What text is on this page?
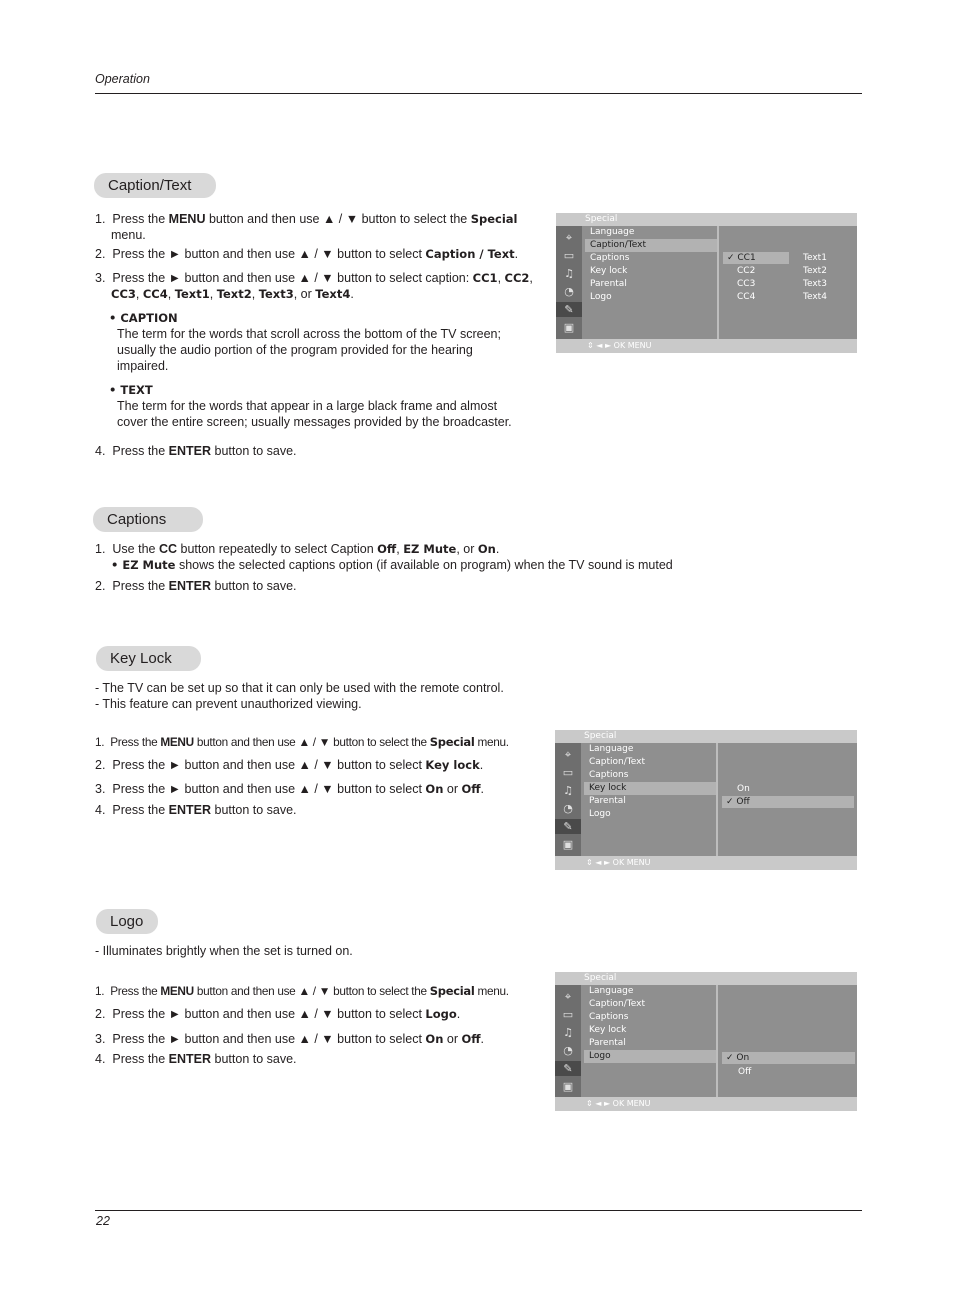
Operation
Caption/Text
1. Press the MENU button and then use ▲ / ▼ button to select the Special
menu.
2. Press the ► button and then use ▲ / ▼ button to select Caption / Text.
3. Press the ► button and then use ▲ / ▼ button to select caption: CC1, CC2,
CC3, CC4, Text1, Text2, Text3, or Text4.
• CAPTION
The term for the words that scroll across the bottom of the TV screen;
usually the audio portion of the program provided for the hearing
impaired.
• TEXT
The term for the words that appear in a large black frame and almost
cover the entire screen; usually messages provided by the broadcaster.
4. Press the ENTER button to save.
Special
⌖
▭
♫
◔
✎
▣
Language
Caption/Text
Captions
Key lock
Parental
Logo
✓ CC1
CC2
CC3
CC4
Text1
Text2
Text3
Text4
⇕ ◄ ► OK MENU
Captions
1. Use the CC button repeatedly to select Caption Off, EZ Mute, or On.
• EZ Mute shows the selected captions option (if available on program) when the TV sound is muted
2. Press the ENTER button to save.
Key Lock
- The TV can be set up so that it can only be used with the remote control.
- This feature can prevent unauthorized viewing.
1. Press the MENU button and then use ▲ / ▼ button to select the Special menu.
2. Press the ► button and then use ▲ / ▼ button to select Key lock.
3. Press the ► button and then use ▲ / ▼ button to select On or Off.
4. Press the ENTER button to save.
Special
⌖
▭
♫
◔
✎
▣
Language
Caption/Text
Captions
Key lock
Parental
Logo
On
✓ Off
⇕ ◄ ► OK MENU
Logo
- Illuminates brightly when the set is turned on.
1. Press the MENU button and then use ▲ / ▼ button to select the Special menu.
2. Press the ► button and then use ▲ / ▼ button to select Logo.
3. Press the ► button and then use ▲ / ▼ button to select On or Off.
4. Press the ENTER button to save.
Special
⌖
▭
♫
◔
✎
▣
Language
Caption/Text
Captions
Key lock
Parental
Logo	✓ On
Off
⇕ ◄ ► OK MENU
22
